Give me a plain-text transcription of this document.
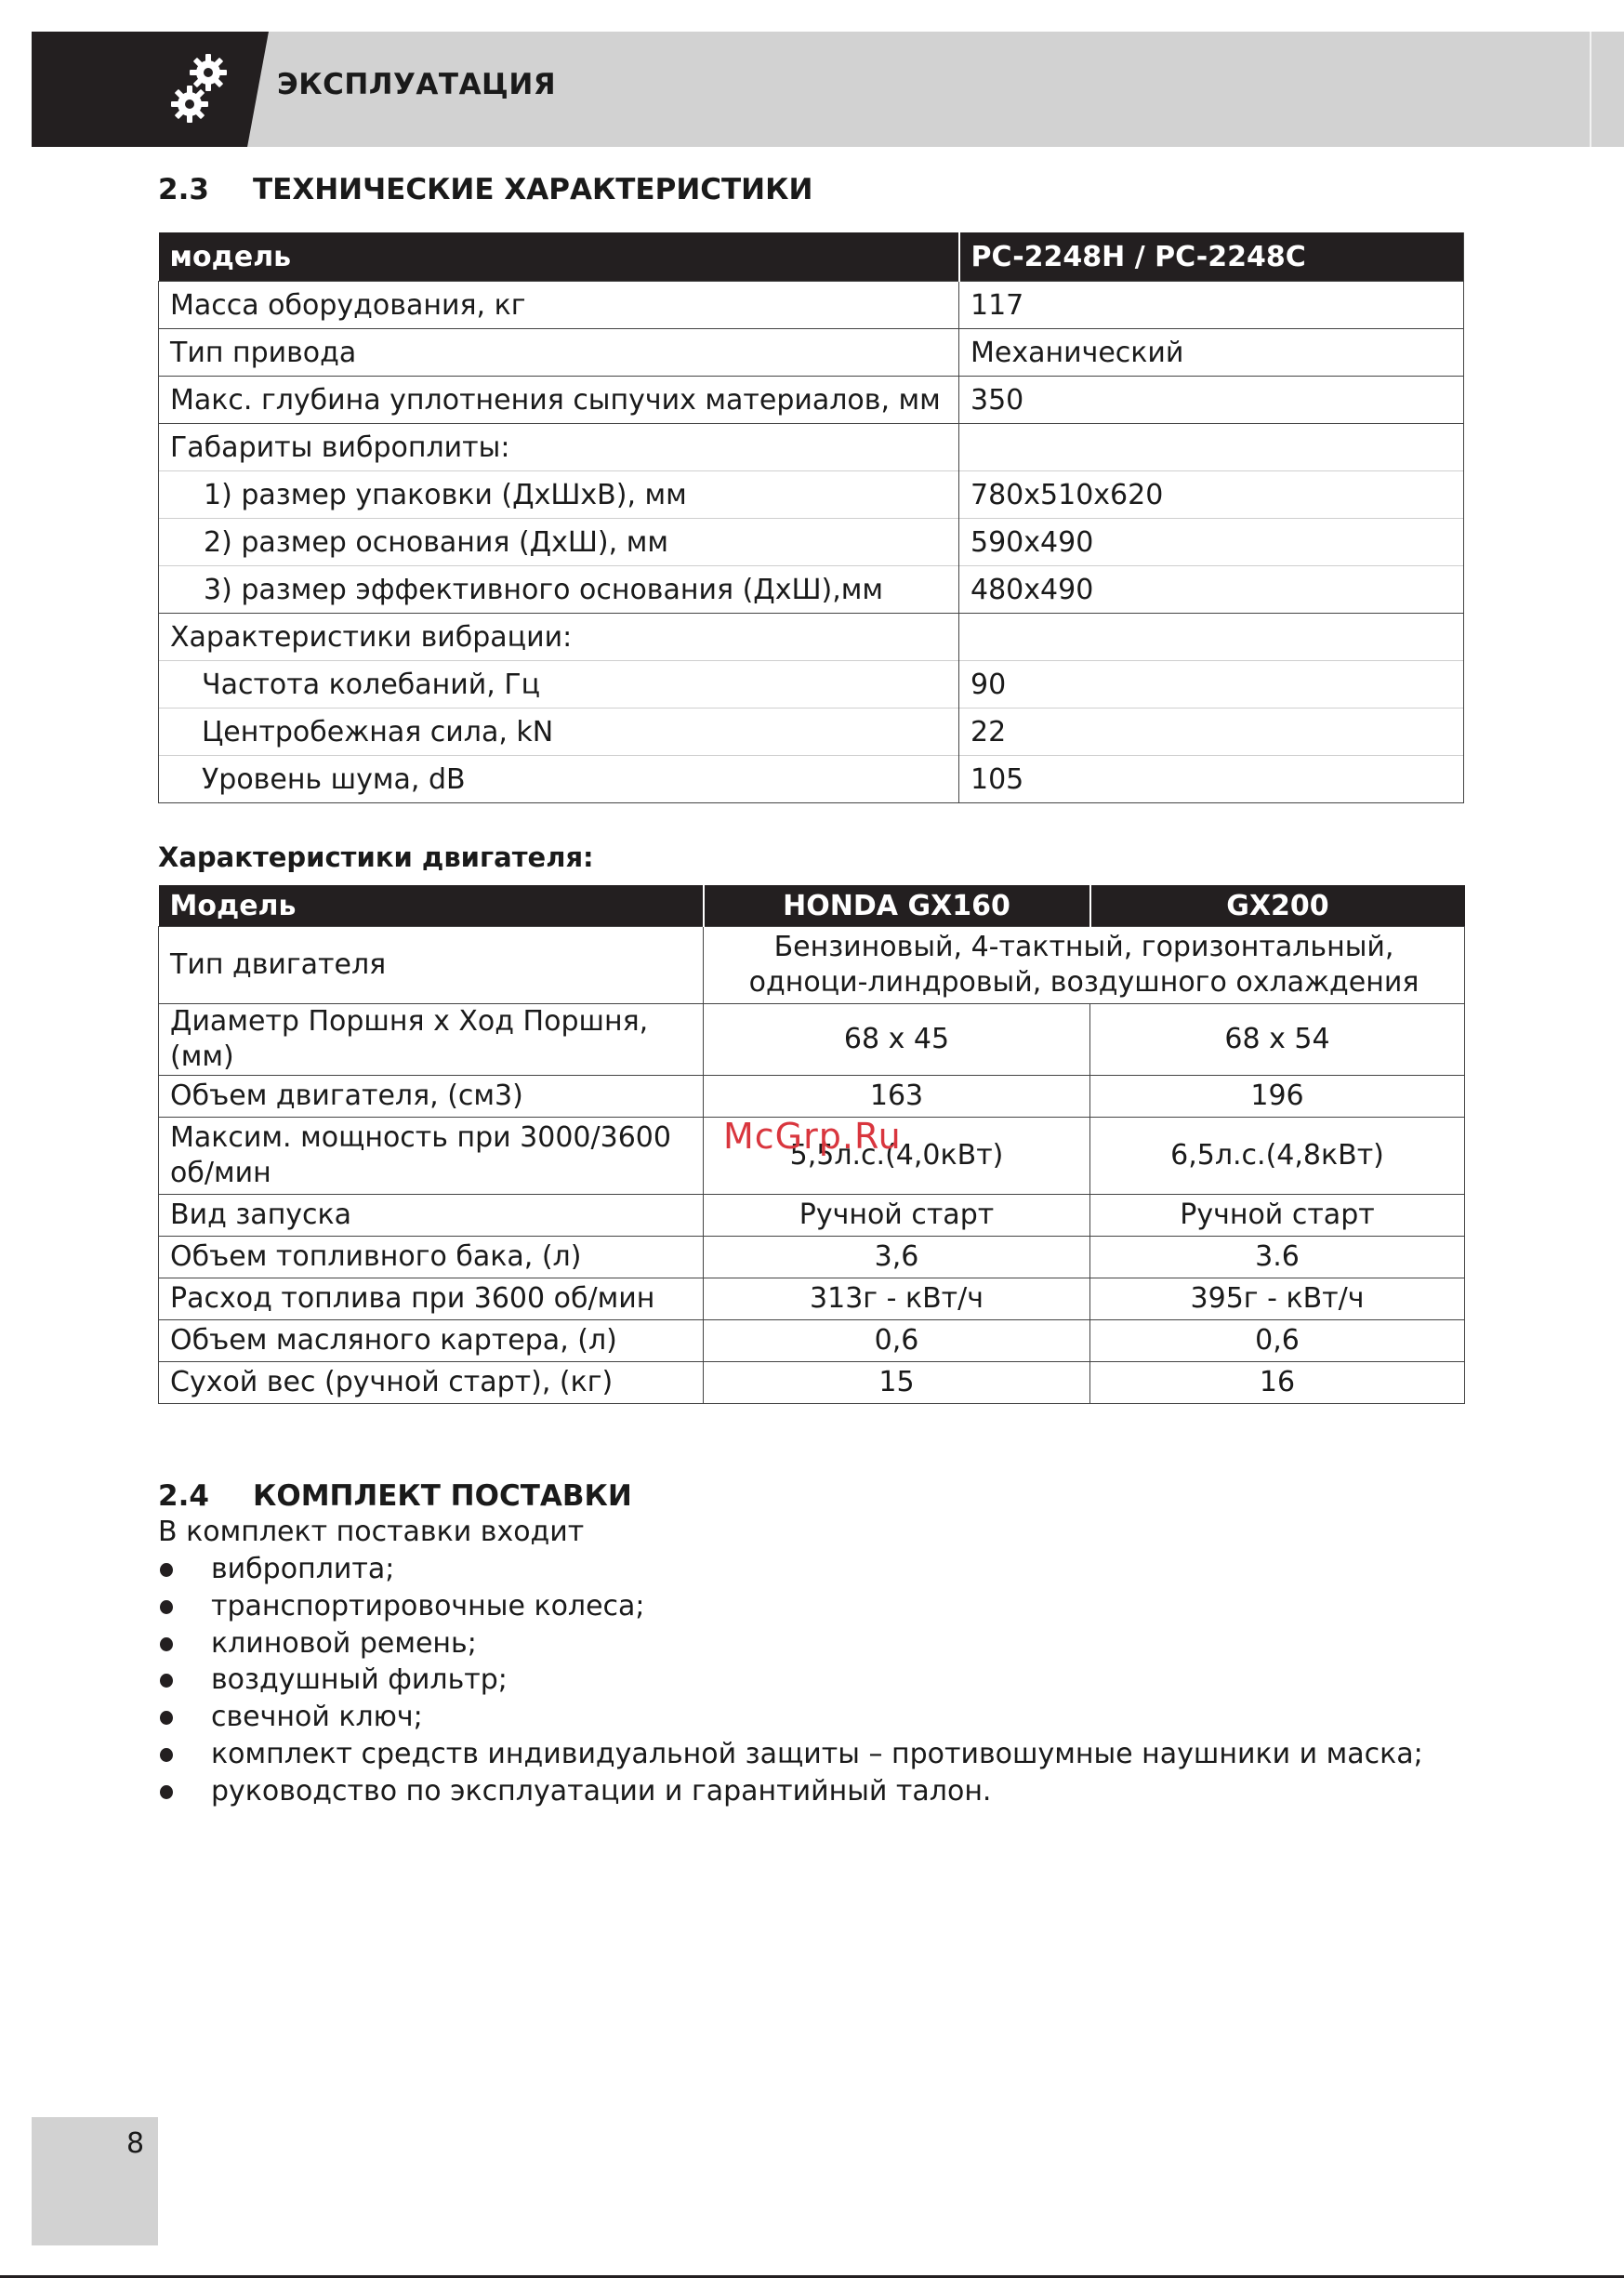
ЭКСПЛУАТАЦИЯ
2.3 ТЕХНИЧЕСКИЕ ХАРАКТЕРИСТИКИ
модель	PC-2248H / PC-2248C
Масса оборудования, кг	117
Тип привода	Механический
Макс. глубина уплотнения сыпучих материалов, мм	350
Габариты виброплиты:	
1) размер упаковки (ДхШхВ), мм	780x510x620
2) размер основания (ДхШ), мм	590x490
3) размер эффективного основания (ДхШ),мм	480x490
Характеристики вибрации:	
Частота колебаний, Гц	90
Центробежная сила, kN	22
Уровень шума, dB	105
Характеристики двигателя:
Модель	HONDA GX160	GX200
Тип двигателя	Бензиновый, 4-тактный, горизонтальный, одноци-линдровый, воздушного охлаждения	
Диаметр Поршня х Ход Поршня, (мм)	68 x 45	68 x 54
Объем двигателя, (см3)	163	196
Максим. мощность при 3000/3600 об/мин	5,5л.с.(4,0кВт)	6,5л.с.(4,8кВт)
Вид запуска	Ручной старт	Ручной старт
Объем топливного бака, (л)	3,6	3.6
Расход топлива при 3600 об/мин	313г - кВт/ч	395г - кВт/ч
Объем масляного картера, (л)	0,6	0,6
Сухой вес (ручной старт), (кг)	15	16
McGrp.Ru
2.4 КОМПЛЕКТ ПОСТАВКИ
В комплект поставки входит
виброплита;
транспортировочные колеса;
клиновой ремень;
воздушный фильтр;
свечной ключ;
комплект средств индивидуальной защиты – противошумные наушники и маска;
руководство по эксплуатации и гарантийный талон.
8
